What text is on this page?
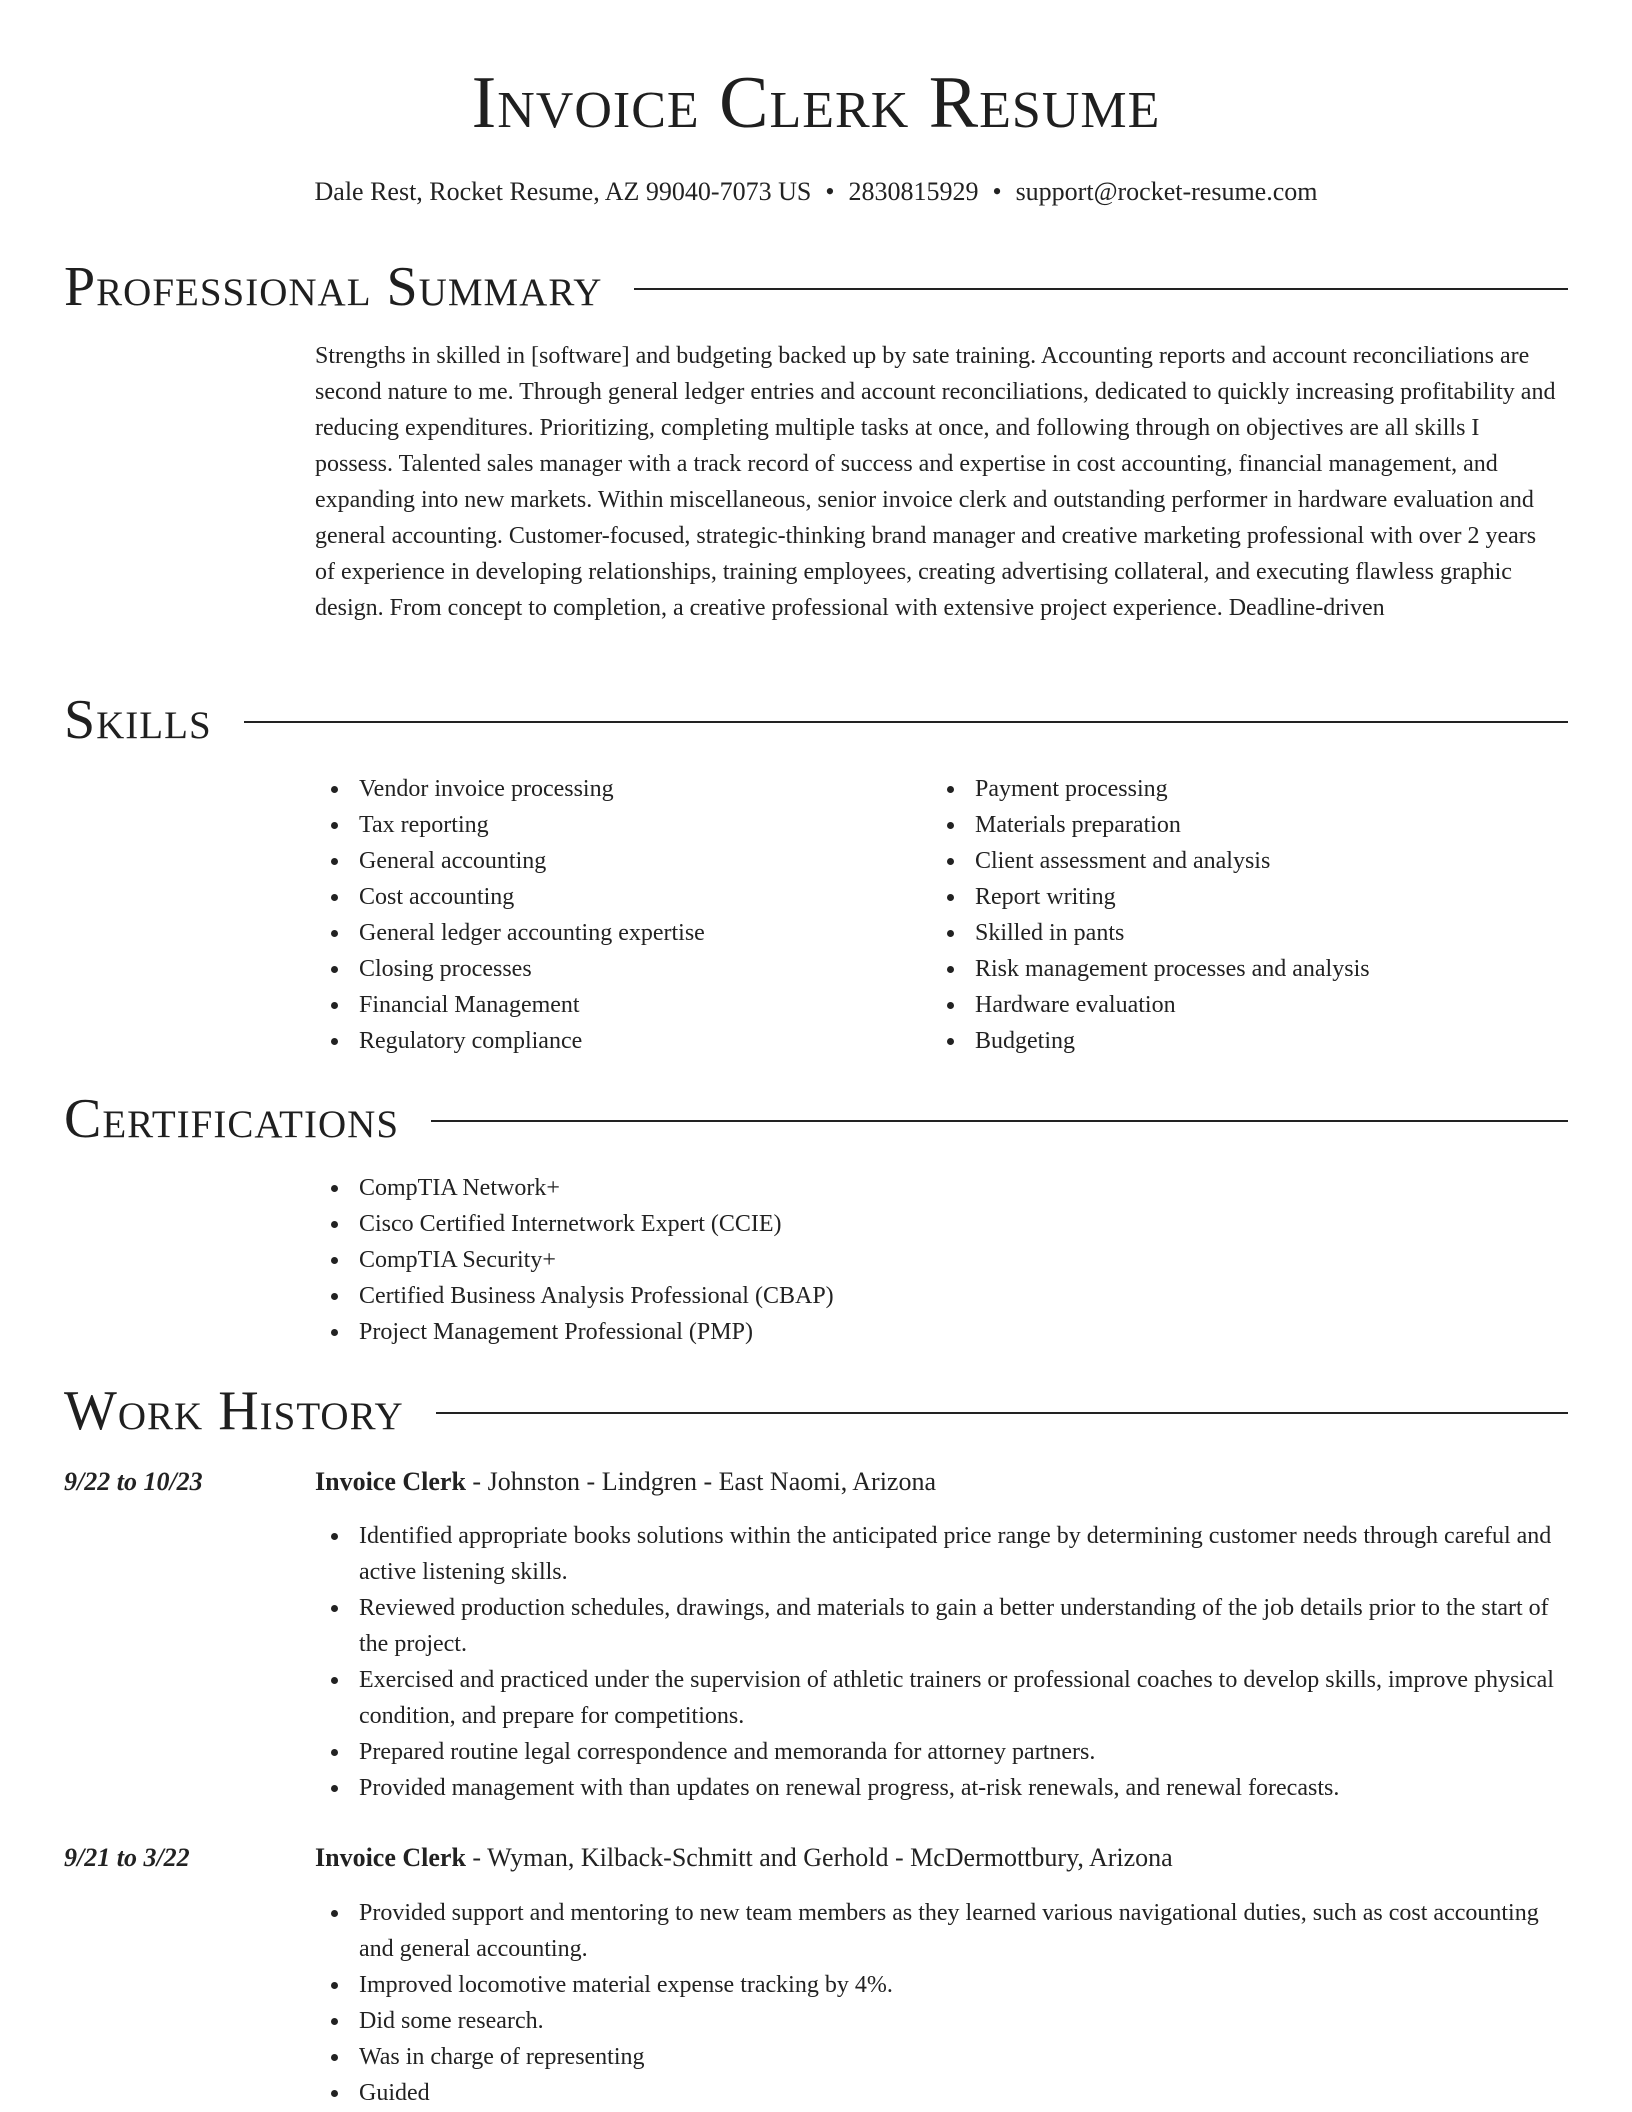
Invoice Clerk Resume
Dale Rest, Rocket Resume, AZ 99040-7073 US • 2830815929 • support@rocket-resume.com
Professional Summary

Strengths in skilled in [software] and budgeting backed up by sate training. Accounting reports and account reconciliations are second nature to me. Through general ledger entries and account reconciliations, dedicated to quickly increasing profitability and reducing expenditures. Prioritizing, completing multiple tasks at once, and following through on objectives are all skills I possess. Talented sales manager with a track record of success and expertise in cost accounting, financial management, and expanding into new markets. Within miscellaneous, senior invoice clerk and outstanding performer in hardware evaluation and general accounting. Customer-focused, strategic-thinking brand manager and creative marketing professional with over 2 years of experience in developing relationships, training employees, creating advertising collateral, and executing flawless graphic design. From concept to completion, a creative professional with extensive project experience. Deadline-driven

Skills
Vendor invoice processing
Tax reporting
General accounting
Cost accounting
General ledger accounting expertise
Closing processes
Financial Management
Regulatory compliance
Payment processing
Materials preparation
Client assessment and analysis
Report writing
Skilled in pants
Risk management processes and analysis
Hardware evaluation
Budgeting
Certifications
CompTIA Network+
Cisco Certified Internetwork Expert (CCIE)
CompTIA Security+
Certified Business Analysis Professional (CBAP)
Project Management Professional (PMP)
Work History
9/22 to 10/23	Invoice Clerk - Johnston - Lindgren - East Naomi, Arizona
Identified appropriate books solutions within the anticipated price range by determining customer needs through careful and active listening skills.
Reviewed production schedules, drawings, and materials to gain a better understanding of the job details prior to the start of the project.
Exercised and practiced under the supervision of athletic trainers or professional coaches to develop skills, improve physical condition, and prepare for competitions.
Prepared routine legal correspondence and memoranda for attorney partners.
Provided management with than updates on renewal progress, at-risk renewals, and renewal forecasts.
9/21 to 3/22	Invoice Clerk - Wyman, Kilback-Schmitt and Gerhold - McDermottbury, Arizona
Provided support and mentoring to new team members as they learned various navigational duties, such as cost accounting and general accounting.
Improved locomotive material expense tracking by 4%.
Did some research.
Was in charge of representing
Guided
